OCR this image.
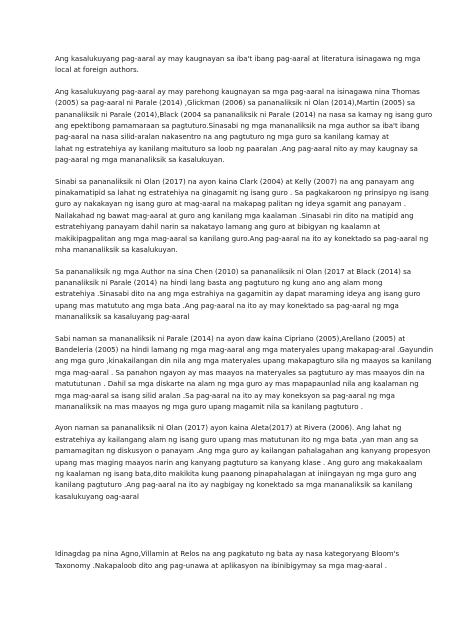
Ang kasalukuyang pag-aaral ay may kaugnayan sa iba't ibang pag-aaral at literatura isinagawa ng mga
local at foreign authors.

Ang kasalukuyang pag-aaral ay may parehong kaugnayan sa mga pag-aaral na isinagawa nina Thomas
(2005) sa pag-aaral ni Parale (2014) ,Glickman (2006) sa pananaliksik ni Olan (2014),Martin (2005) sa
pananaliksik ni Parale (2014),Black (2004 sa pananaliksik ni Parale (2014) na nasa sa kamay ng isang guro
ang epektibong pamamaraan sa pagtuturo.Sinasabi ng mga mananaliksik na mga author sa iba't ibang
pag-aaral na nasa silid-aralan nakasentro na ang pagtuturo ng mga guro sa kanilang kamay at
lahat ng estratehiya ay kanilang maituturo sa loob ng paaralan .Ang pag-aaral nito ay may kaugnay sa
pag-aaral ng mga mananaliksik sa kasalukuyan.

Sinabi sa pananaliksik ni Olan (2017) na ayon kaina Clark (2004) at Kelly (2007) na ang panayam ang
pinakamatipid sa lahat ng estratehiya na ginagamit ng isang guro . Sa pagkakaroon ng prinsipyo ng isang
guro ay nakakayan ng isang guro at mag-aaral na makapag palitan ng ideya sgamit ang panayam .
Nailakahad ng bawat mag-aaral at guro ang kanilang mga kaalaman .Sinasabi rin dito na matipid ang
estratehiyang panayam dahil narin sa nakatayo lamang ang guro at bibigyan ng kaalamn at
makikipagpalitan ang mga mag-aaral sa kanilang guro.Ang pag-aaral na ito ay konektado sa pag-aaral ng
mha mananaliksik sa kasalukuyan.

Sa pananaliksik ng mga Author na sina Chen (2010) sa pananaliksik ni Olan (2017 at Black (2014) sa
pananaliksik ni Parale (2014) na hindi lang basta ang pagtuturo ng kung ano ang alam mong
estratehiya .Sinasabi dito na ang mga estrahiya na gagamitin ay dapat maraming ideya ang isang guro
upang mas matututo ang mga bata .Ang pag-aaral na ito ay may konektado sa pag-aaral ng mga
mananaliksik sa kasaluyang pag-aaral

Sabi naman sa mananaliksik ni Parale (2014) na ayon daw kaina Cipriano (2005),Arellano (2005) at
Bandeleria (2005) na hindi lamang ng mga mag-aaral ang mga materyales upang makapag-aral .Gayundin
ang mga guro ,kinakailangan din nila ang mga materyales upang makapagturo sila ng maayos sa kanilang
mga mag-aaral . Sa panahon ngayon ay mas maayos na materyales sa pagtuturo ay mas maayos din na
matututunan . Dahil sa mga diskarte na alam ng mga guro ay mas mapapaunlad nila ang kaalaman ng
mga mag-aaral sa isang silid aralan .Sa pag-aaral na ito ay may koneksyon sa pag-aaral ng mga
mananaliksik na mas maayos ng mga guro upang magamit nila sa kanilang pagtuturo .

Ayon naman sa pananaliksik ni Olan (2017) ayon kaina Aleta(2017) at Rivera (2006). Ang lahat ng
estratehiya ay kailangang alam ng isang guro upang mas matutunan ito ng mga bata ,yan man ang sa
pamamagitan ng diskusyon o panayam .Ang mga guro ay kailangan pahalagahan ang kanyang propesyon
upang mas maging maayos narin ang kanyang pagtuturo sa kanyang klase . Ang guro ang makakaalam
ng kaalaman ng isang bata,dito makikita kung paanong pinapahalagan at iniingayan ng mga guro ang
kanilang pagtuturo .Ang pag-aaral na ito ay nagbigay ng konektado sa mga mananaliksik sa kanilang
kasalukuyang oag-aaral

Idinagdag pa nina Agno,Villamin at Relos na ang pagkatuto ng bata ay nasa kategoryang Bloom's
Taxonomy .Nakapaloob dito ang pag-unawa at aplikasyon na ibinibigymay sa mga mag-aaral .
